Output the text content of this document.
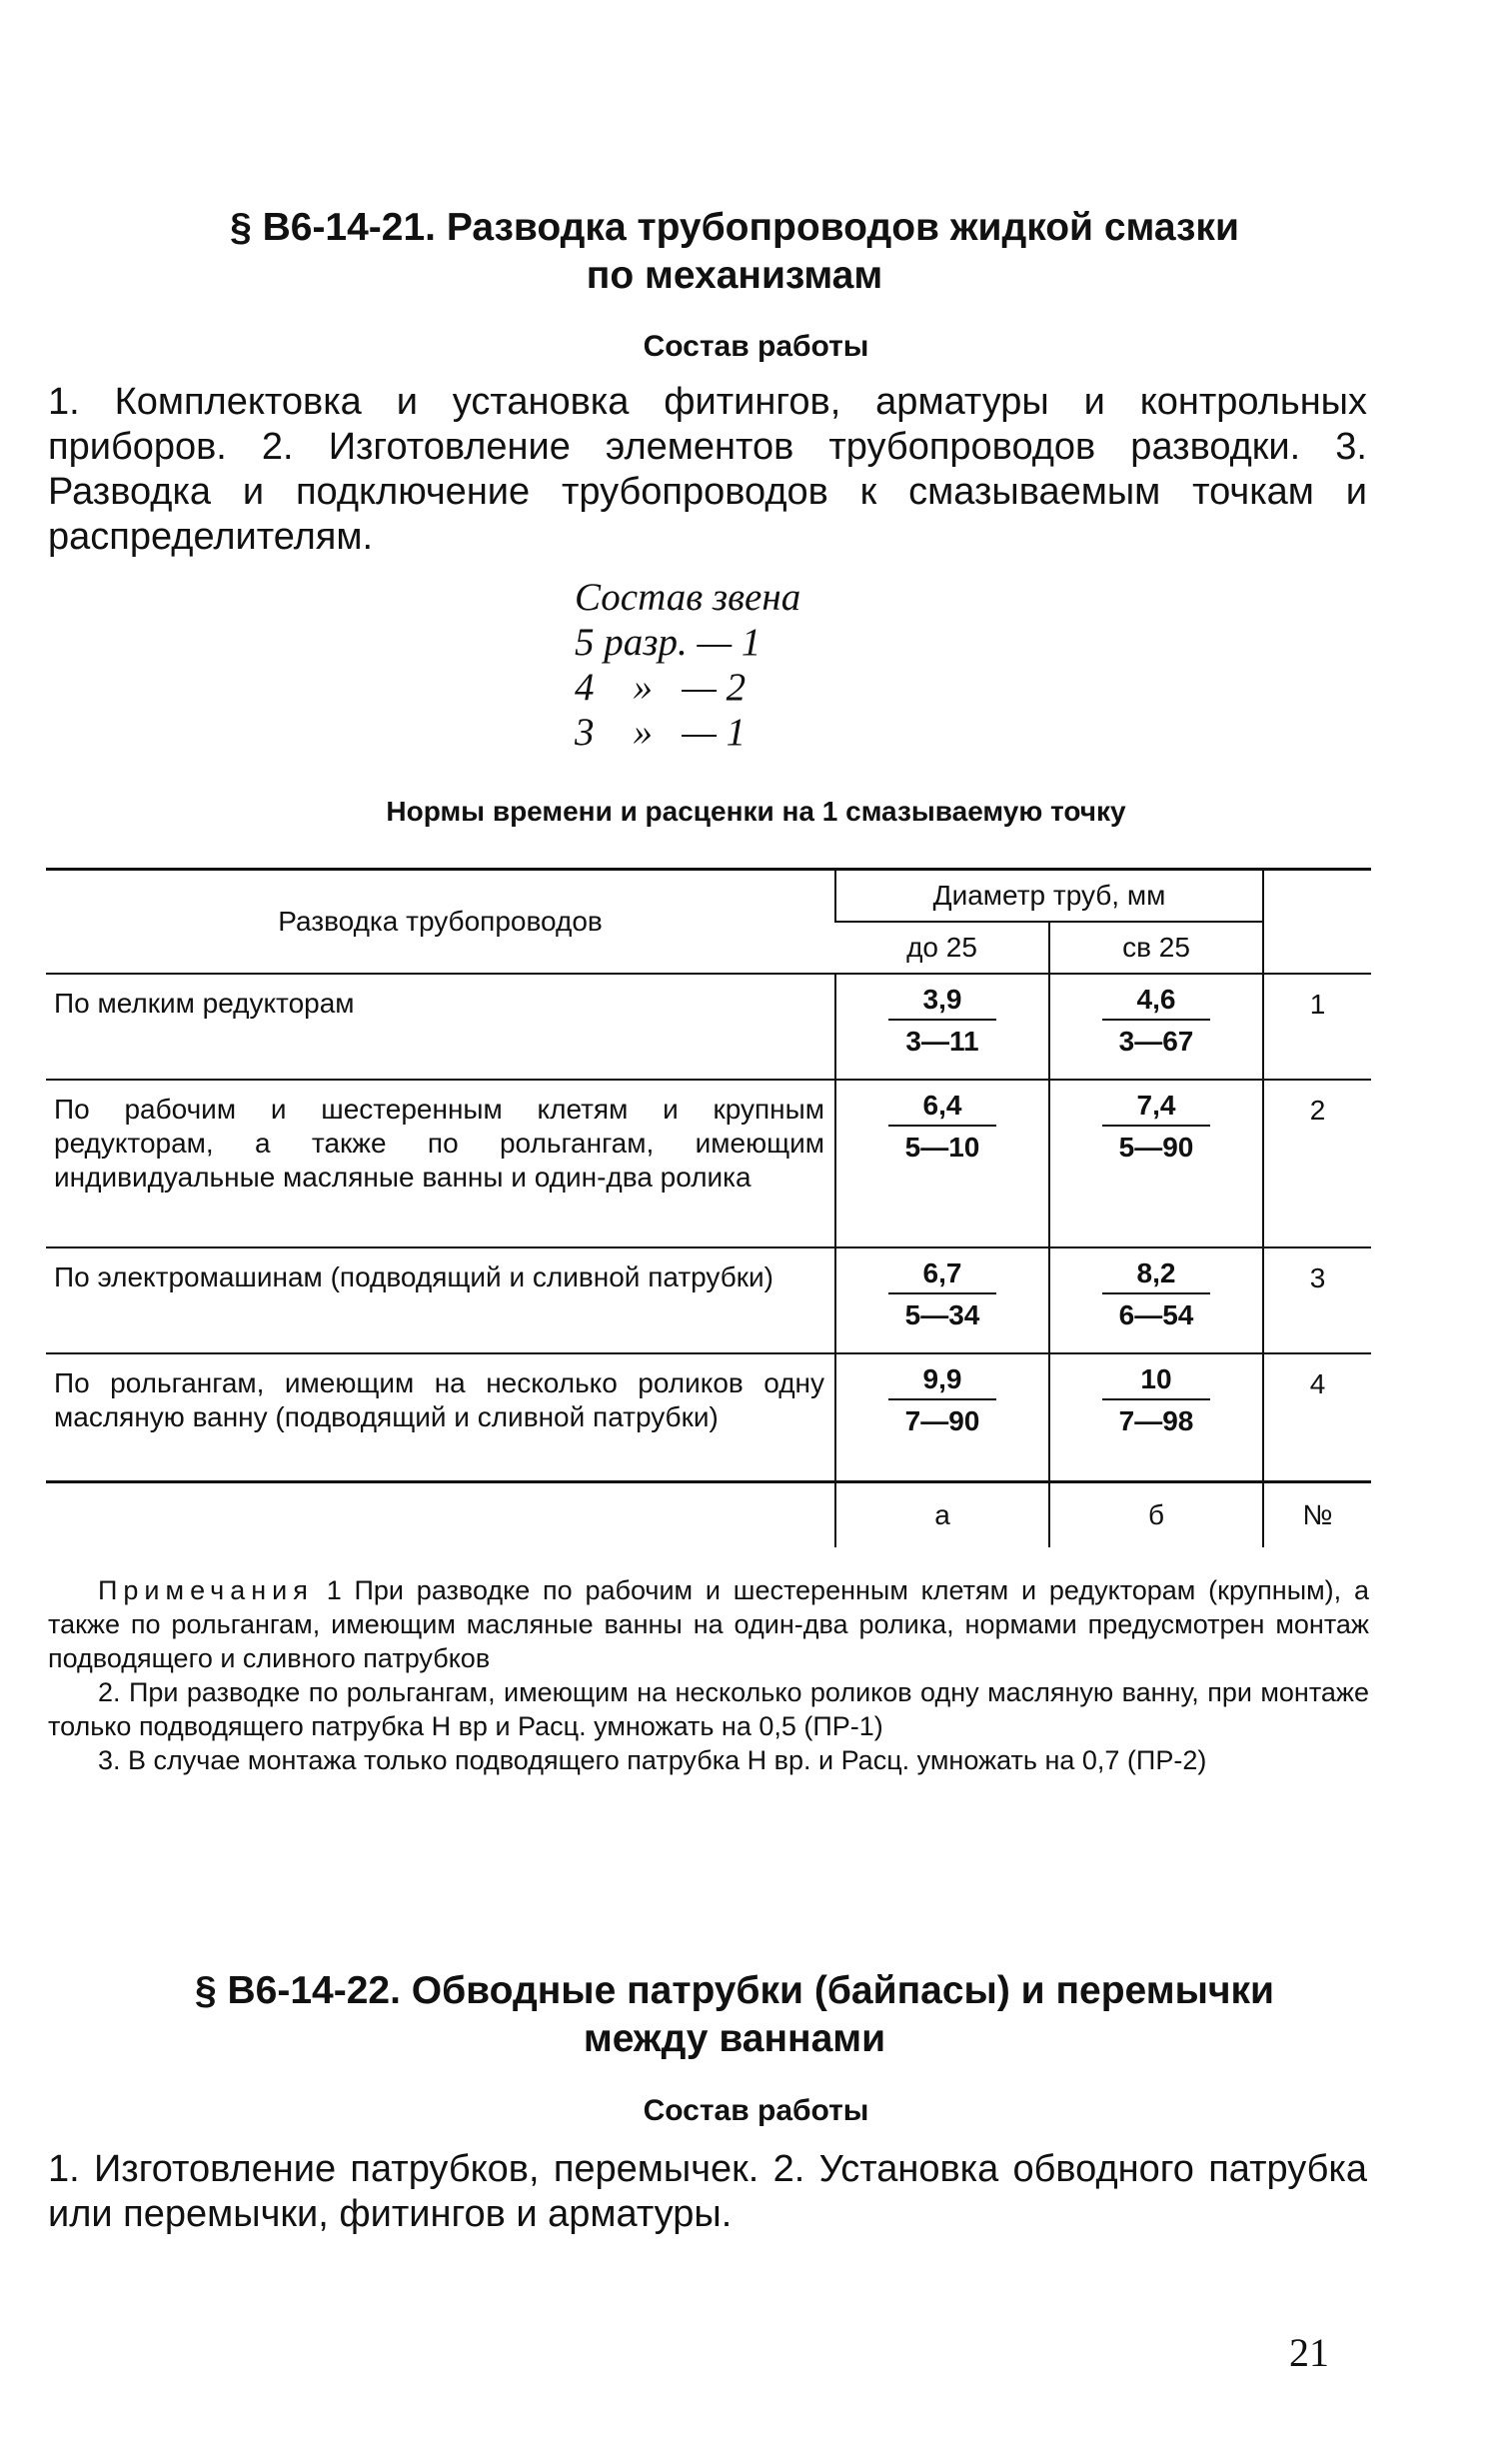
§ В6-14-21. Разводка трубопроводов жидкой смазки
по механизмам
Состав работы
1. Комплектовка и установка фитингов, арматуры и контрольных приборов. 2. Изготовление элементов трубопроводов разводки. 3. Разводка и подключение трубопроводов к смазываемым точкам и распределителям.
Состав звена
5 разр. — 1
4    »   — 2
3    »   — 1
Нормы времени и расценки на 1 смазываемую точку
Разводка трубопроводов	Диаметр труб, мм		
	до 25	св 25	
По мелким редукторам	$\frac{3,9}{3—11}$	$\frac{4,6}{3—67}$	1
По рабочим и шестеренным клетям и крупным редукторам, а также по рольгангам, имеющим индивидуальные масляные ванны и один-два ролика	$\frac{6,4}{5—10}$	$\frac{7,4}{5—90}$	2
По электромашинам (подводящий и сливной патрубки)	$\frac{6,7}{5—34}$	$\frac{8,2}{6—54}$	3
По рольгангам, имеющим на несколько роликов одну масляную ванну (подводящий и сливной патрубки)	$\frac{9,9}{7—90}$	$\frac{10}{7—98}$	4
	а	б	№

Примечания 1 При разводке по рабочим и шестеренным клетям и редукторам (крупным), а также по рольгангам, имеющим масляные ванны на один-два ролика, нормами предусмотрен монтаж подводящего и сливного патрубков

2. При разводке по рольгангам, имеющим на несколько роликов одну масляную ванну, при монтаже только подводящего патрубка Н вр и Расц. умножать на 0,5 (ПР-1)

3. В случае монтажа только подводящего патрубка Н вр. и Расц. умножать на 0,7 (ПР-2)

§ В6-14-22. Обводные патрубки (байпасы) и перемычки
между ваннами
Состав работы
1. Изготовление патрубков, перемычек. 2. Установка обводного патрубка или перемычки, фитингов и арматуры.
21
